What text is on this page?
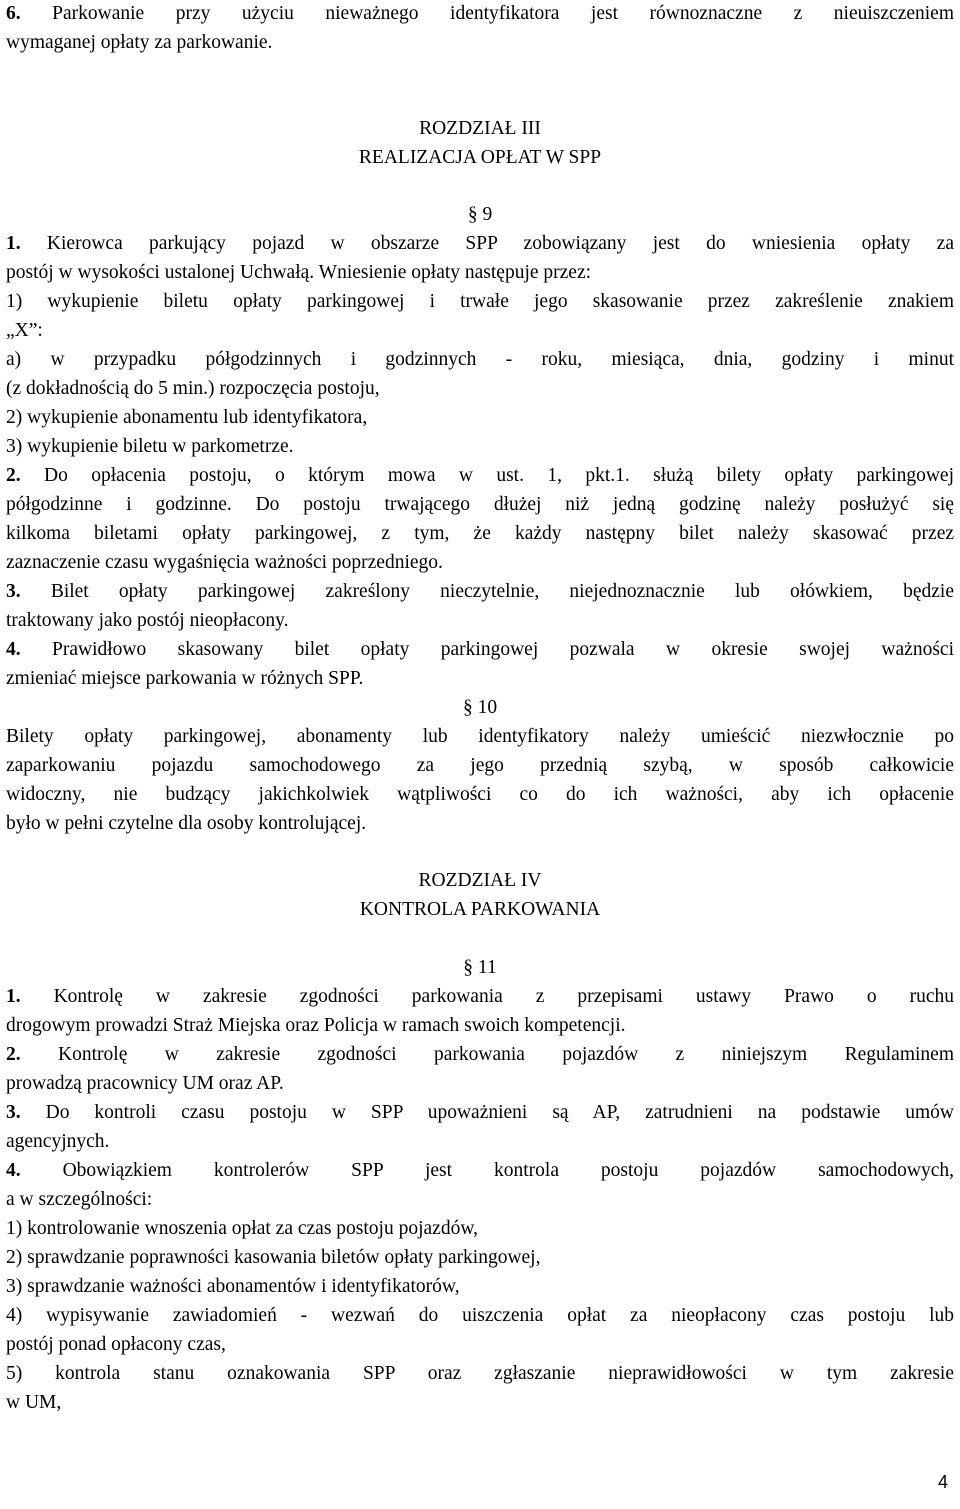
6. Parkowanie przy użyciu nieważnego identyfikatora jest równoznaczne z nieuiszczeniem
wymaganej opłaty za parkowanie.
ROZDZIAŁ III
REALIZACJA OPŁAT W SPP
§ 9
1. Kierowca parkujący pojazd w obszarze SPP zobowiązany jest do wniesienia opłaty za
postój w wysokości ustalonej Uchwałą. Wniesienie opłaty następuje przez:
1) wykupienie biletu opłaty parkingowej i trwałe jego skasowanie przez zakreślenie znakiem
„X”:
a) w przypadku półgodzinnych i godzinnych - roku, miesiąca, dnia, godziny i minut
(z dokładnością do 5 min.) rozpoczęcia postoju,
2) wykupienie abonamentu lub identyfikatora,
3) wykupienie biletu w parkometrze.
2. Do opłacenia postoju, o którym mowa w ust. 1, pkt.1. służą bilety opłaty parkingowej
półgodzinne i godzinne. Do postoju trwającego dłużej niż jedną godzinę należy posłużyć się
kilkoma biletami opłaty parkingowej, z tym, że każdy następny bilet należy skasować przez
zaznaczenie czasu wygaśnięcia ważności poprzedniego.
3. Bilet opłaty parkingowej zakreślony nieczytelnie, niejednoznacznie lub ołówkiem, będzie
traktowany jako postój nieopłacony.
4. Prawidłowo skasowany bilet opłaty parkingowej pozwala w okresie swojej ważności
zmieniać miejsce parkowania w różnych SPP.
§ 10
Bilety opłaty parkingowej, abonamenty lub identyfikatory należy umieścić niezwłocznie po
zaparkowaniu pojazdu samochodowego za jego przednią szybą, w sposób całkowicie
widoczny, nie budzący jakichkolwiek wątpliwości co do ich ważności, aby ich opłacenie
było w pełni czytelne dla osoby kontrolującej.
ROZDZIAŁ IV
KONTROLA PARKOWANIA
§ 11
1. Kontrolę w zakresie zgodności parkowania z przepisami ustawy Prawo o ruchu
drogowym prowadzi Straż Miejska oraz Policja w ramach swoich kompetencji.
2. Kontrolę w zakresie zgodności parkowania pojazdów z niniejszym Regulaminem
prowadzą pracownicy UM oraz AP.
3. Do kontroli czasu postoju w SPP upoważnieni są AP, zatrudnieni na podstawie umów
agencyjnych.
4. Obowiązkiem kontrolerów SPP jest kontrola postoju pojazdów samochodowych,
a w szczególności:
1) kontrolowanie wnoszenia opłat za czas postoju pojazdów,
2) sprawdzanie poprawności kasowania biletów opłaty parkingowej,
3) sprawdzanie ważności abonamentów i identyfikatorów,
4) wypisywanie zawiadomień - wezwań do uiszczenia opłat za nieopłacony czas postoju lub
postój ponad opłacony czas,
5) kontrola stanu oznakowania SPP oraz zgłaszanie nieprawidłowości w tym zakresie
w UM,
4
